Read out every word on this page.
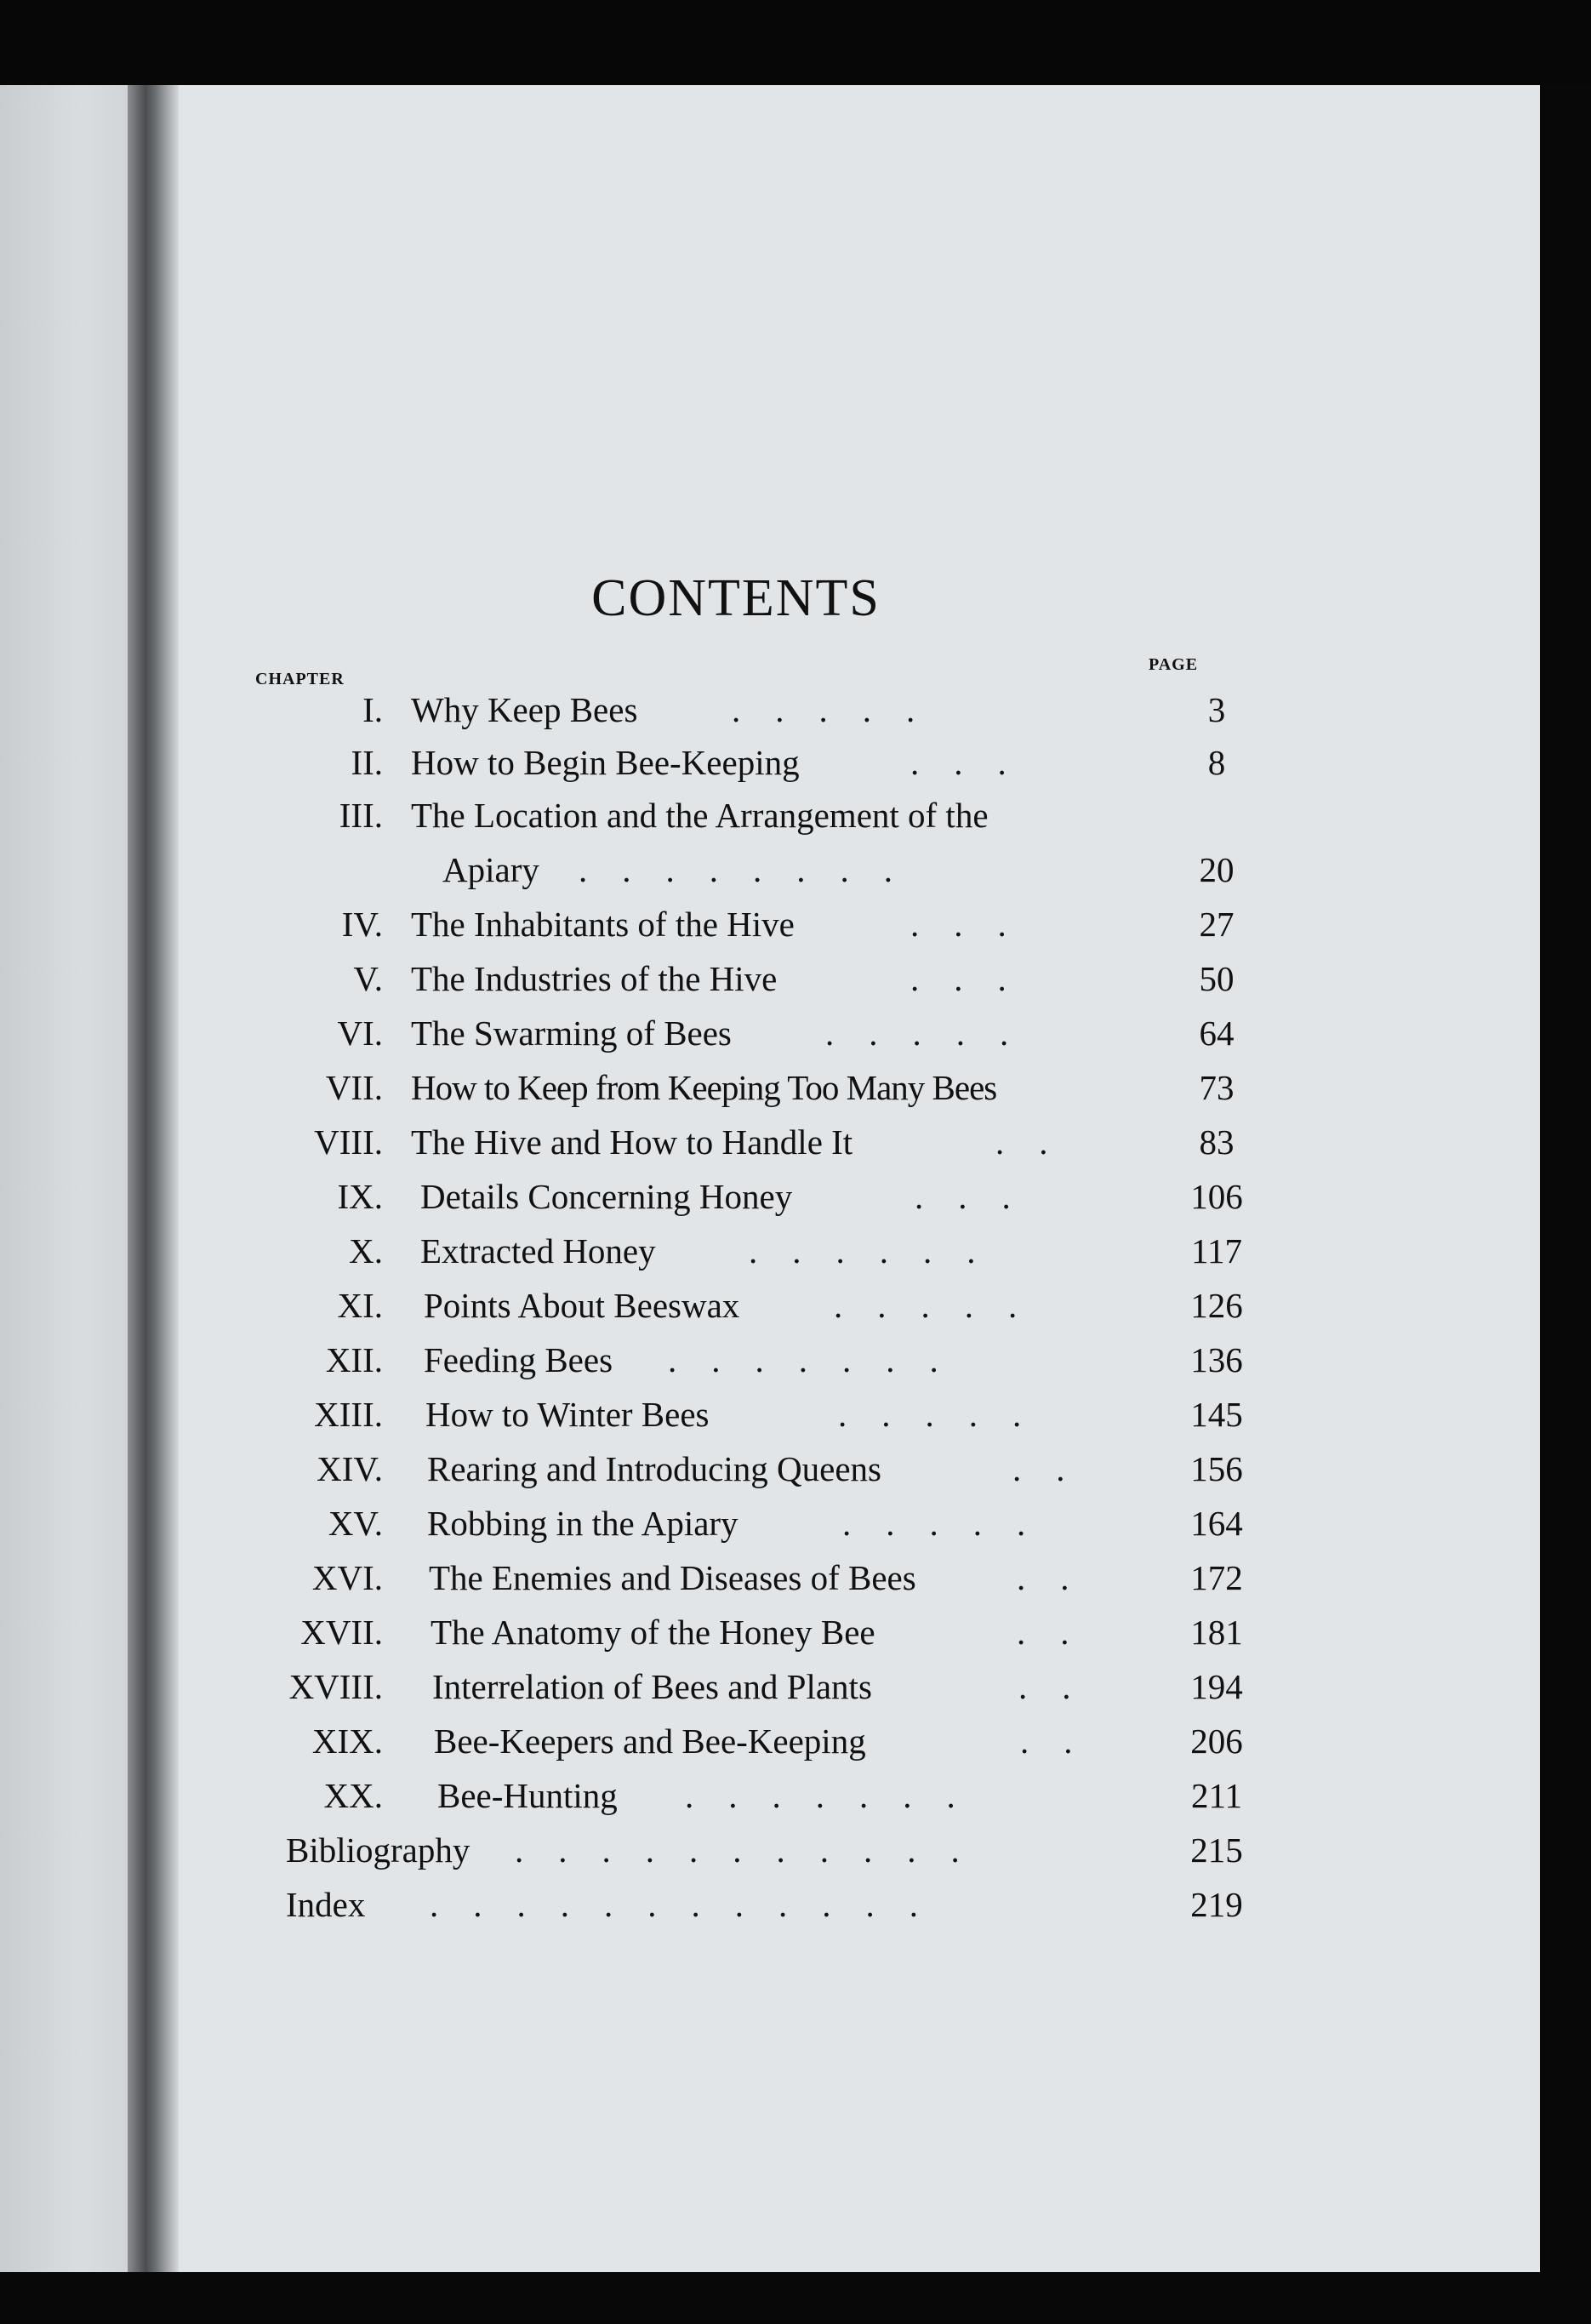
CONTENTS
CHAPTER
PAGE
I. Why Keep Bees	.    .    .    .    .	3
II. How to Begin Bee-Keeping	.    .    .	8
III. The Location and the Arrangement of the
Apiary .    .    .    .    .    .    .    .	20
IV. The Inhabitants of the Hive	.    .    .	27
V. The Industries of the Hive	.    .    .	50
VI. The Swarming of Bees	.    .    .    .    .	64
VII. How to Keep from Keeping Too Many Bees	73
VIII. The Hive and How to Handle It	.    .	83
IX. Details Concerning Honey	.    .    .	106
X. Extracted Honey	.    .    .    .    .    .	117
XI. Points About Beeswax	.    .    .    .    .	126
XII. Feeding Bees .    .    .    .    .    .    .	136
XIII. How to Winter Bees	.    .    .    .    .	145
XIV. Rearing and Introducing Queens	.    .	156
XV. Robbing in the Apiary	.    .    .    .    .	164
XVI. The Enemies and Diseases of Bees	.    .	172
XVII. The Anatomy of the Honey Bee	.    .	181
XVIII. Interrelation of Bees and Plants	.    .	194
XIX. Bee-Keepers and Bee-Keeping	.    .	206
XX. Bee-Hunting .    .    .    .    .    .    .	211
Bibliography .    .    .    .    .    .    .    .    .    .    .	215
Index .    .    .    .    .    .    .    .    .    .    .    .	219
